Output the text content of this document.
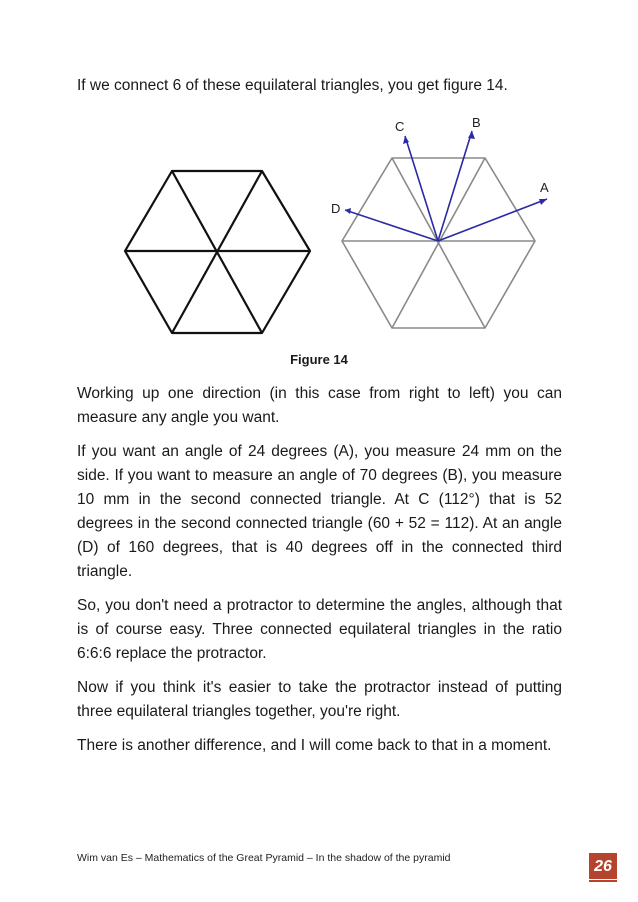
If we connect 6 of these equilateral triangles, you get figure 14.

A
B
C
D

Figure 14

Working up one direction (in this case from right to left) you can measure any angle you want.

If you want an angle of 24 degrees (A), you measure 24 mm on the side. If you want to measure an angle of 70 degrees (B), you measure 10 mm in the second connected triangle. At C (112°) that is 52 degrees in the second connected triangle (60 + 52 = 112). At an angle (D) of 160 degrees, that is 40 degrees off in the connected third triangle.

So, you don't need a protractor to determine the angles, although that is of course easy. Three connected equilateral triangles in the ratio 6:6:6 replace the protractor.

Now if you think it's easier to take the protractor instead of putting three equilateral triangles together, you're right.

There is another difference, and I will come back to that in a moment.

Wim van Es – Mathematics of the Great Pyramid – In the shadow of the pyramid	26
